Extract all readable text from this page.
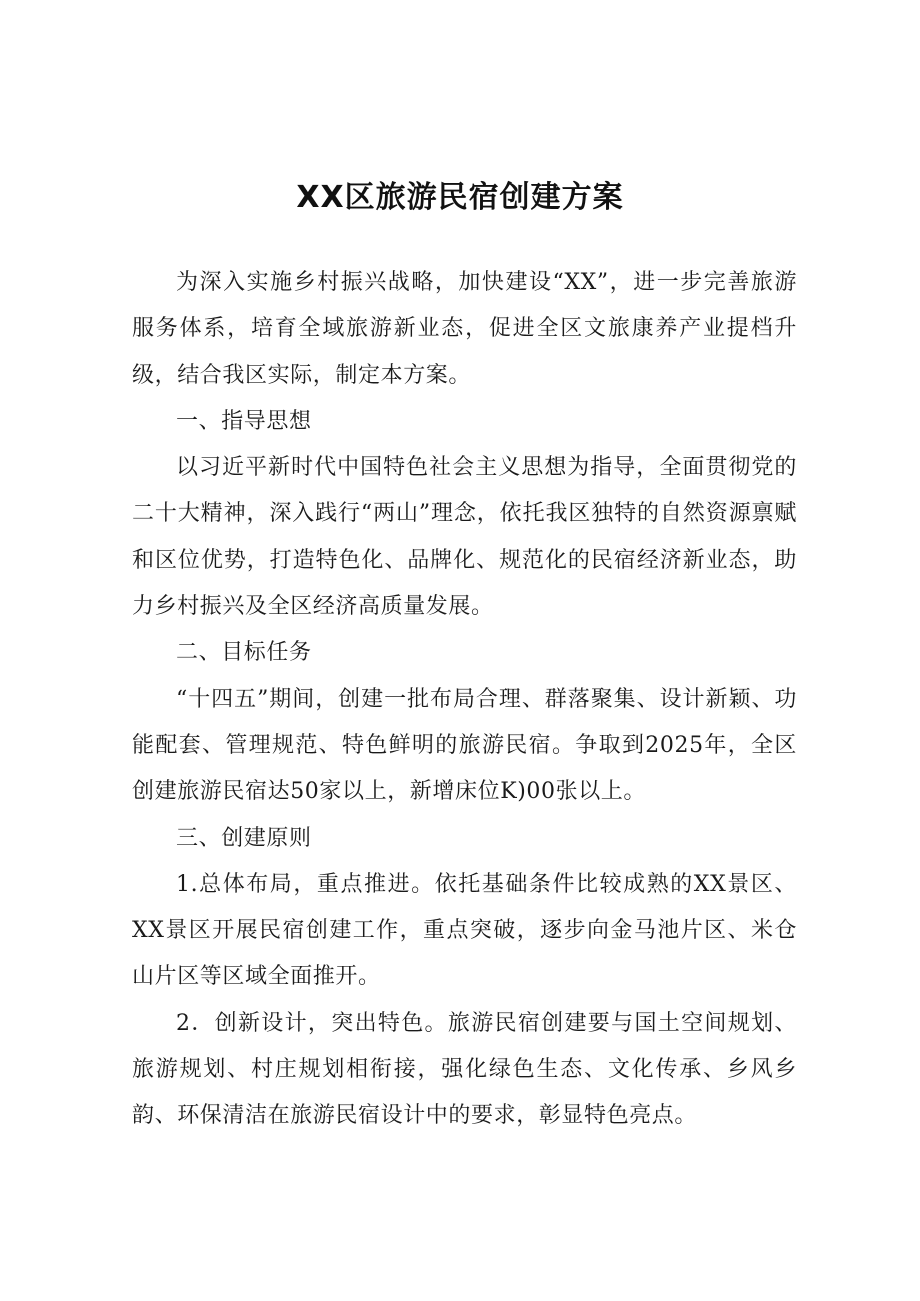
XX区旅游民宿创建方案

为深入实施乡村振兴战略，加快建设“XX”，进一步完善旅游服务体系，培育全域旅游新业态，促进全区文旅康养产业提档升级，结合我区实际，制定本方案。

一、指导思想

以习近平新时代中国特色社会主义思想为指导，全面贯彻党的二十大精神，深入践行“两山”理念，依托我区独特的自然资源禀赋和区位优势，打造特色化、品牌化、规范化的民宿经济新业态，助力乡村振兴及全区经济高质量发展。

二、目标任务

“十四五”期间，创建一批布局合理、群落聚集、设计新颖、功能配套、管理规范、特色鲜明的旅游民宿。争取到2025年，全区创建旅游民宿达50家以上，新增床位K)00张以上。

三、创建原则

1.总体布局，重点推进。依托基础条件比较成熟的XX景区、XX景区开展民宿创建工作，重点突破，逐步向金马池片区、米仓山片区等区域全面推开。

2．创新设计，突出特色。旅游民宿创建要与国土空间规划、旅游规划、村庄规划相衔接，强化绿色生态、文化传承、乡风乡韵、环保清洁在旅游民宿设计中的要求，彰显特色亮点。
